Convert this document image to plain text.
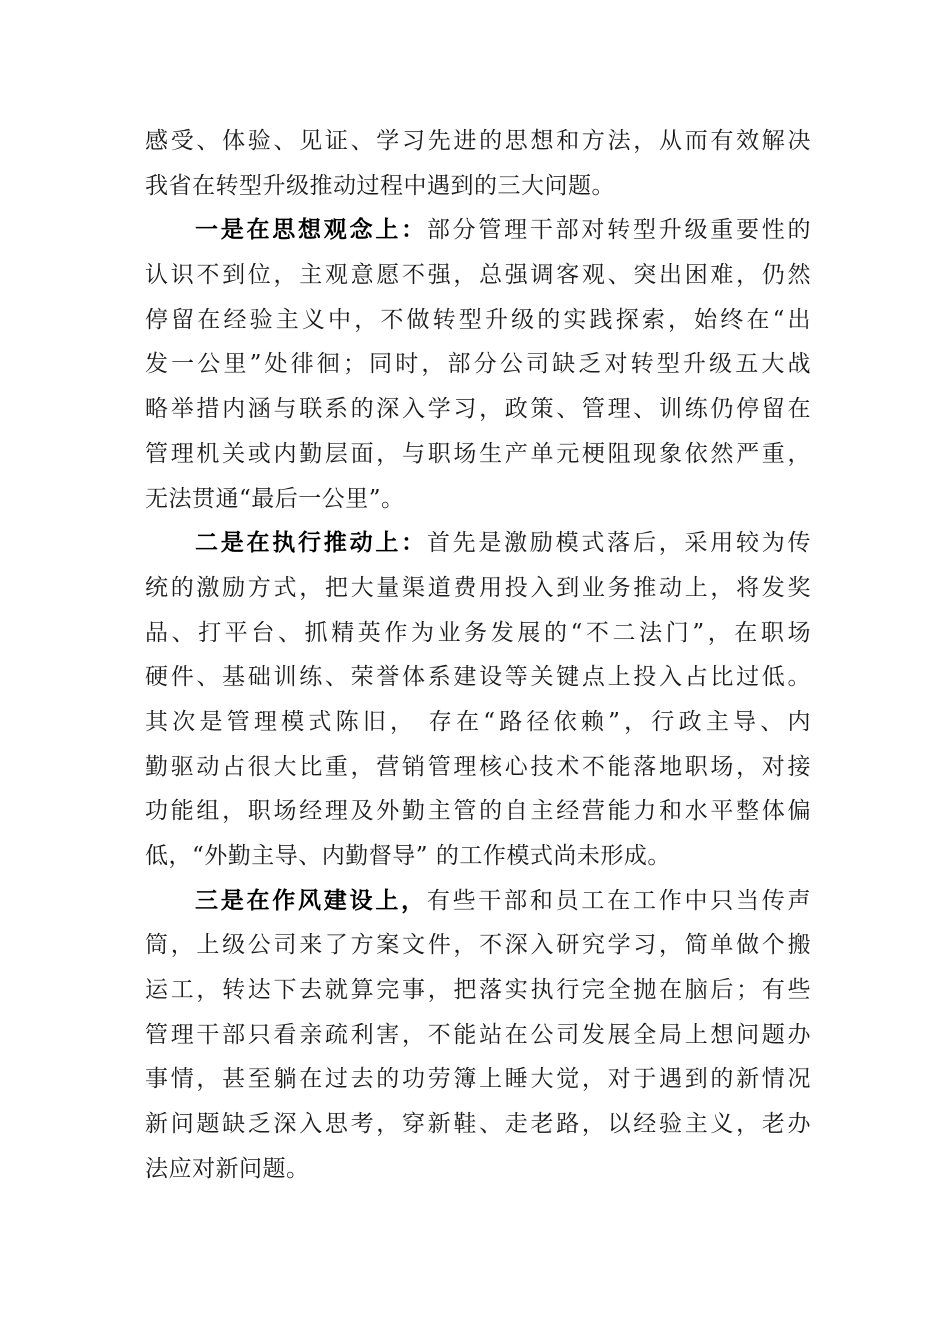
感受、体验、见证、学习先进的思想和方法，从而有效解决
我省在转型升级推动过程中遇到的三大问题。
一是在思想观念上：部分管理干部对转型升级重要性的
认识不到位，主观意愿不强，总强调客观、突出困难，仍然
停留在经验主义中，不做转型升级的实践探索，始终在“出
发一公里”处徘徊；同时，部分公司缺乏对转型升级五大战
略举措内涵与联系的深入学习，政策、管理、训练仍停留在
管理机关或内勤层面，与职场生产单元梗阻现象依然严重，
无法贯通“最后一公里”。
二是在执行推动上：首先是激励模式落后，采用较为传
统的激励方式，把大量渠道费用投入到业务推动上，将发奖
品、打平台、抓精英作为业务发展的“不二法门”，在职场
硬件、基础训练、荣誉体系建设等关键点上投入占比过低。
其次是管理模式陈旧， 存在“路径依赖”，行政主导、内
勤驱动占很大比重，营销管理核心技术不能落地职场，对接
功能组，职场经理及外勤主管的自主经营能力和水平整体偏
低，“外勤主导、内勤督导” 的工作模式尚未形成。
三是在作风建设上，有些干部和员工在工作中只当传声
筒，上级公司来了方案文件，不深入研究学习，简单做个搬
运工，转达下去就算完事，把落实执行完全抛在脑后；有些
管理干部只看亲疏利害，不能站在公司发展全局上想问题办
事情，甚至躺在过去的功劳簿上睡大觉，对于遇到的新情况
新问题缺乏深入思考，穿新鞋、走老路，以经验主义，老办
法应对新问题。
